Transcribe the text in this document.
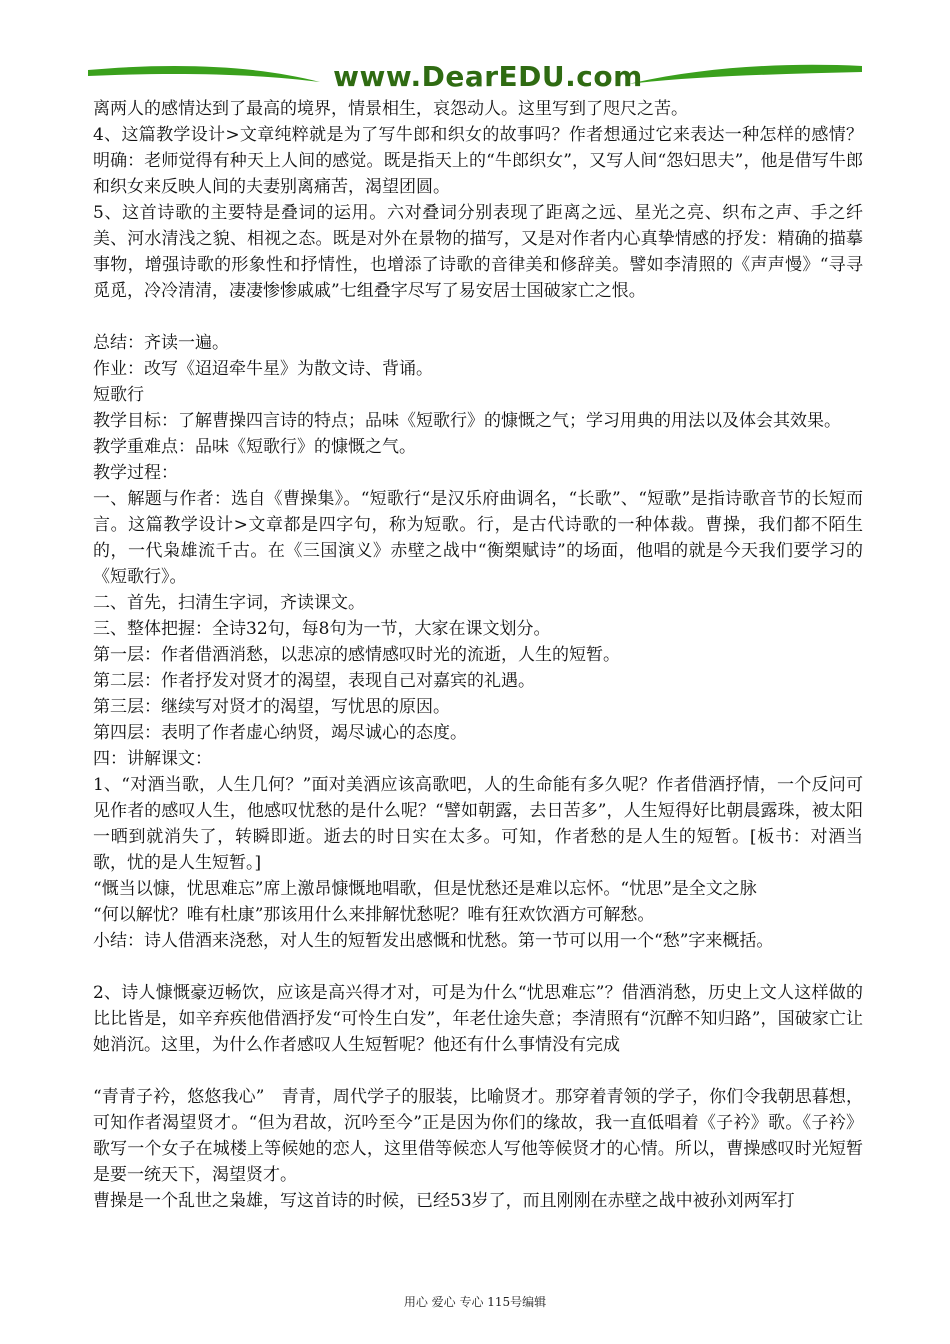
www.DearEDU.com

离两人的感情达到了最高的境界，情景相生，哀怨动人。这里写到了咫尺之苦。

4、这篇教学设计>文章纯粹就是为了写牛郎和织女的故事吗？作者想通过它来表达一种怎样的感情？明确：老师觉得有种天上人间的感觉。既是指天上的“牛郎织女”，又写人间“怨妇思夫”，他是借写牛郎和织女来反映人间的夫妻别离痛苦，渴望团圆。

5、这首诗歌的主要特是叠词的运用。六对叠词分别表现了距离之远、星光之亮、织布之声、手之纤美、河水清浅之貌、相视之态。既是对外在景物的描写，又是对作者内心真挚情感的抒发：精确的描摹事物，增强诗歌的形象性和抒情性，也增添了诗歌的音律美和修辞美。譬如李清照的《声声慢》“寻寻觅觅，冷冷清清，凄凄惨惨戚戚”七组叠字尽写了易安居士国破家亡之恨。

总结：齐读一遍。

作业：改写《迢迢牵牛星》为散文诗、背诵。

短歌行

教学目标：了解曹操四言诗的特点；品味《短歌行》的慷慨之气；学习用典的用法以及体会其效果。

教学重难点：品味《短歌行》的慷慨之气。

教学过程：

一、解题与作者：选自《曹操集》。“短歌行“是汉乐府曲调名，“长歌”、“短歌”是指诗歌音节的长短而言。这篇教学设计>文章都是四字句，称为短歌。行，是古代诗歌的一种体裁。曹操，我们都不陌生的，一代枭雄流千古。在《三国演义》赤壁之战中“衡槊赋诗”的场面，他唱的就是今天我们要学习的《短歌行》。

二、首先，扫清生字词，齐读课文。

三、整体把握：全诗32句，每8句为一节，大家在课文划分。

第一层：作者借酒消愁，以悲凉的感情感叹时光的流逝，人生的短暂。

第二层：作者抒发对贤才的渴望，表现自己对嘉宾的礼遇。

第三层：继续写对贤才的渴望，写忧思的原因。

第四层：表明了作者虚心纳贤，竭尽诚心的态度。

四：讲解课文：

1、“对酒当歌，人生几何？”面对美酒应该高歌吧，人的生命能有多久呢？作者借酒抒情，一个反问可见作者的感叹人生，他感叹忧愁的是什么呢？“譬如朝露，去日苦多”，人生短得好比朝晨露珠，被太阳一晒到就消失了，转瞬即逝。逝去的时日实在太多。可知，作者愁的是人生的短暂。[板书：对酒当歌，忧的是人生短暂。]

“慨当以慷，忧思难忘”席上激昂慷慨地唱歌，但是忧愁还是难以忘怀。“忧思”是全文之脉

“何以解忧？唯有杜康”那该用什么来排解忧愁呢？唯有狂欢饮酒方可解愁。

小结：诗人借酒来浇愁，对人生的短暂发出感慨和忧愁。第一节可以用一个“愁”字来概括。

2、诗人慷慨豪迈畅饮，应该是高兴得才对，可是为什么“忧思难忘”？借酒消愁，历史上文人这样做的比比皆是，如辛弃疾他借酒抒发“可怜生白发”，年老仕途失意；李清照有“沉醉不知归路”，国破家亡让她消沉。这里，为什么作者感叹人生短暂呢？他还有什么事情没有完成

“青青子衿，悠悠我心”　青青，周代学子的服装，比喻贤才。那穿着青领的学子，你们令我朝思暮想，可知作者渴望贤才。“但为君故，沉吟至今”正是因为你们的缘故，我一直低唱着《子衿》歌。《子衿》歌写一个女子在城楼上等候她的恋人，这里借等候恋人写他等候贤才的心情。所以，曹操感叹时光短暂是要一统天下，渴望贤才。

曹操是一个乱世之枭雄，写这首诗的时候，已经53岁了，而且刚刚在赤壁之战中被孙刘两军打

用心 爱心 专心 115号编辑
